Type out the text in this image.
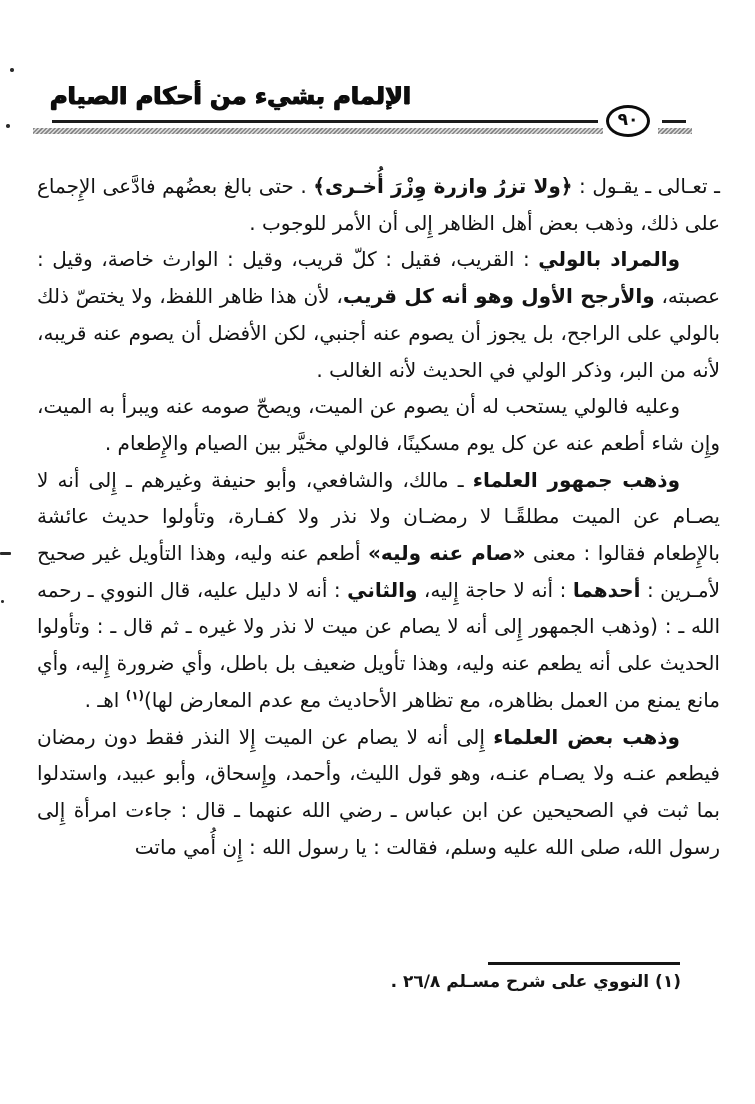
الإلمام بشيء من أحكام الصيام
٩٠

ـ تعـالى ـ يقـول : ﴿ولا تزرُ وازرة وِزْرَ أُخـرى﴾ . حتى بالغ بعضُهم فادَّعى الإِجماع على ذلك، وذهب بعض أهل الظاهر إِلى أن الأمر للوجوب .

والمراد بالولي : القريب، فقيل : كلّ قريب، وقيل : الوارث خاصة، وقيل : عصبته، والأرجح الأول وهو أنه كل قريب، لأن هذا ظاهر اللفظ، ولا يختصّ ذلك بالولي على الراجح، بل يجوز أن يصوم عنه أجنبي، لكن الأفضل أن يصوم عنه قريبه، لأنه من البر، وذكر الولي في الحديث لأنه الغالب .

وعليه فالولي يستحب له أن يصوم عن الميت، ويصحّ صومه عنه ويبرأ به الميت، وإِن شاء أطعم عنه عن كل يوم مسكينًا، فالولي مخيَّر بين الصيام والإِطعام .

وذهب جمهور العلماء ـ مالك، والشافعي، وأبو حنيفة وغيرهم ـ إِلى أنه لا يصـام عن الميت مطلقًـا لا رمضـان ولا نذر ولا كفـارة، وتأولوا حديث عائشة بالإِطعام فقالوا : معنى «صام عنه وليه» أطعم عنه وليه، وهذا التأويل غير صحيح لأمـرين : أحدهما : أنه لا حاجة إِليه، والثاني : أنه لا دليل عليه، قال النووي ـ رحمه الله ـ : (وذهب الجمهور إِلى أنه لا يصام عن ميت لا نذر ولا غيره ـ ثم قال ـ : وتأولوا الحديث على أنه يطعم عنه وليه، وهذا تأويل ضعيف بل باطل، وأي ضرورة إِليه، وأي مانع يمنع من العمل بظاهره، مع تظاهر الأحاديث مع عدم المعارض لها)$^{(١)}$ اهـ .

وذهب بعض العلماء إِلى أنه لا يصام عن الميت إِلا النذر فقط دون رمضان فيطعم عنـه ولا يصـام عنـه، وهو قول الليث، وأحمد، وإِسحاق، وأبو عبيد، واستدلوا بما ثبت في الصحيحين عن ابن عباس ـ رضي الله عنهما ـ قال : جاءت امرأة إِلى رسول الله، صلى الله عليه وسلم، فقالت : يا رسول الله : إِن أُمي ماتت

(١) النووي على شرح مسـلم ٢٦/٨ .
